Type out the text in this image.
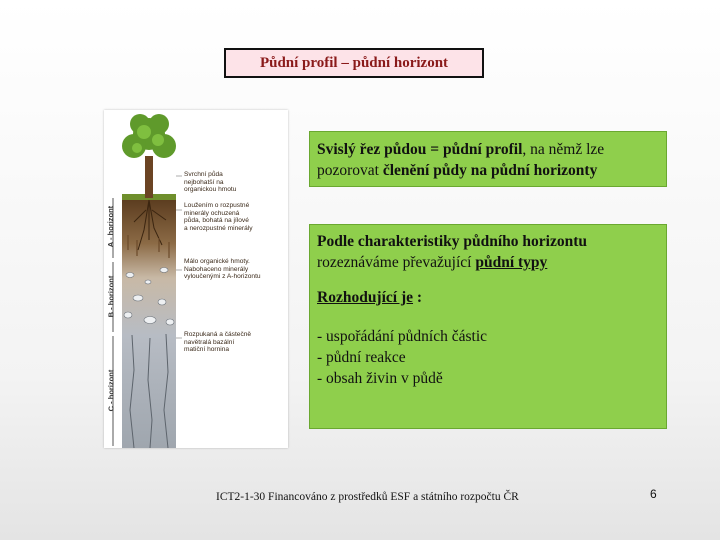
Půdní profil – půdní horizont
A - horizont
B - horizont
C - horizont
Svrchní půda
nejbohatší na
organickou hmotu
Loužením o rozpustné
minerály ochuzená
půda, bohatá na jílové
a nerozpustné minerály
Málo organické hmoty.
Nabohaceno minerály
vyloučenými z A-horizontu
Rozpukaná a částečně
navětralá bazální
matiční hornina
Svislý řez půdou = půdní profil, na němž lze
pozorovat členění půdy na půdní horizonty
Podle charakteristiky půdního horizontu
rozeznáváme převažující půdní typy
Rozhodující je :
- uspořádání půdních částic
- půdní reakce
- obsah živin v půdě
ICT2-1-30 Financováno z prostředků ESF a státního rozpočtu ČR	6
